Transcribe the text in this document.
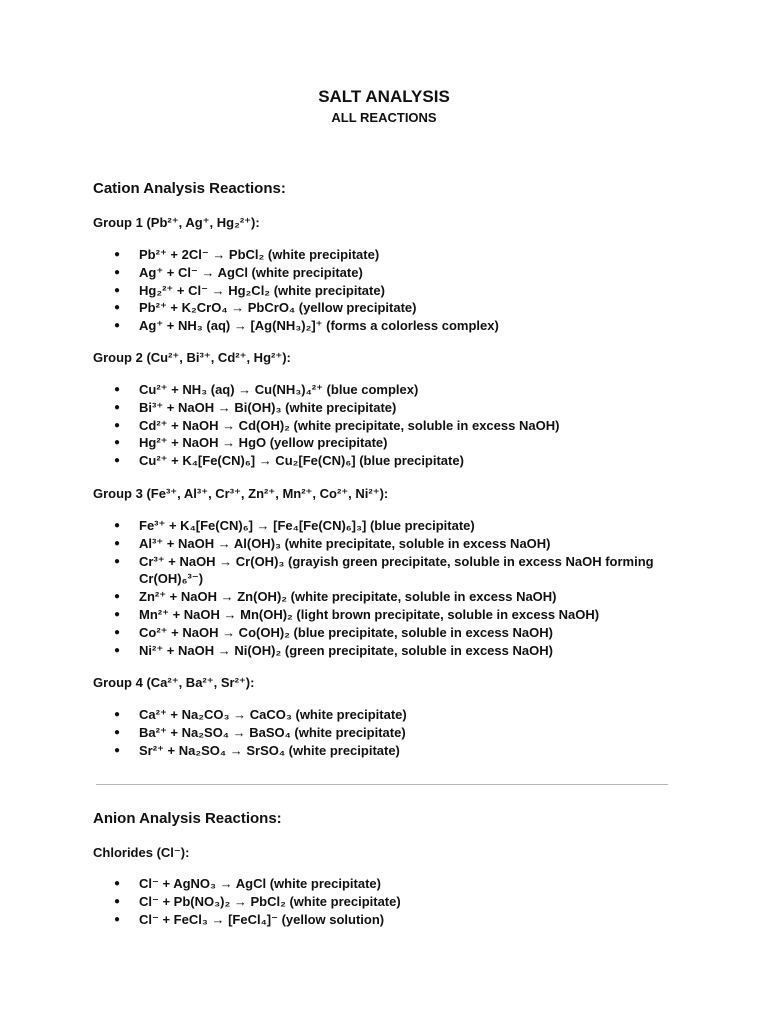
SALT ANALYSIS
ALL REACTIONS
Cation Analysis Reactions:
Group 1 (Pb²⁺, Ag⁺, Hg₂²⁺):
● Pb²⁺ + 2Cl⁻ → PbCl₂ (white precipitate)
● Ag⁺ + Cl⁻ → AgCl (white precipitate)
● Hg₂²⁺ + Cl⁻ → Hg₂Cl₂ (white precipitate)
● Pb²⁺ + K₂CrO₄ → PbCrO₄ (yellow precipitate)
● Ag⁺ + NH₃ (aq) → [Ag(NH₃)₂]⁺ (forms a colorless complex)
Group 2 (Cu²⁺, Bi³⁺, Cd²⁺, Hg²⁺):
● Cu²⁺ + NH₃ (aq) → Cu(NH₃)₄²⁺ (blue complex)
● Bi³⁺ + NaOH → Bi(OH)₃ (white precipitate)
● Cd²⁺ + NaOH → Cd(OH)₂ (white precipitate, soluble in excess NaOH)
● Hg²⁺ + NaOH → HgO (yellow precipitate)
● Cu²⁺ + K₄[Fe(CN)₆] → Cu₂[Fe(CN)₆] (blue precipitate)
Group 3 (Fe³⁺, Al³⁺, Cr³⁺, Zn²⁺, Mn²⁺, Co²⁺, Ni²⁺):
● Fe³⁺ + K₄[Fe(CN)₆] → [Fe₄[Fe(CN)₆]₃] (blue precipitate)
● Al³⁺ + NaOH → Al(OH)₃ (white precipitate, soluble in excess NaOH)
● Cr³⁺ + NaOH → Cr(OH)₃ (grayish green precipitate, soluble in excess NaOH forming Cr(OH)₆³⁻)
● Zn²⁺ + NaOH → Zn(OH)₂ (white precipitate, soluble in excess NaOH)
● Mn²⁺ + NaOH → Mn(OH)₂ (light brown precipitate, soluble in excess NaOH)
● Co²⁺ + NaOH → Co(OH)₂ (blue precipitate, soluble in excess NaOH)
● Ni²⁺ + NaOH → Ni(OH)₂ (green precipitate, soluble in excess NaOH)
Group 4 (Ca²⁺, Ba²⁺, Sr²⁺):
● Ca²⁺ + Na₂CO₃ → CaCO₃ (white precipitate)
● Ba²⁺ + Na₂SO₄ → BaSO₄ (white precipitate)
● Sr²⁺ + Na₂SO₄ → SrSO₄ (white precipitate)
Anion Analysis Reactions:
Chlorides (Cl⁻):
● Cl⁻ + AgNO₃ → AgCl (white precipitate)
● Cl⁻ + Pb(NO₃)₂ → PbCl₂ (white precipitate)
● Cl⁻ + FeCl₃ → [FeCl₄]⁻ (yellow solution)
